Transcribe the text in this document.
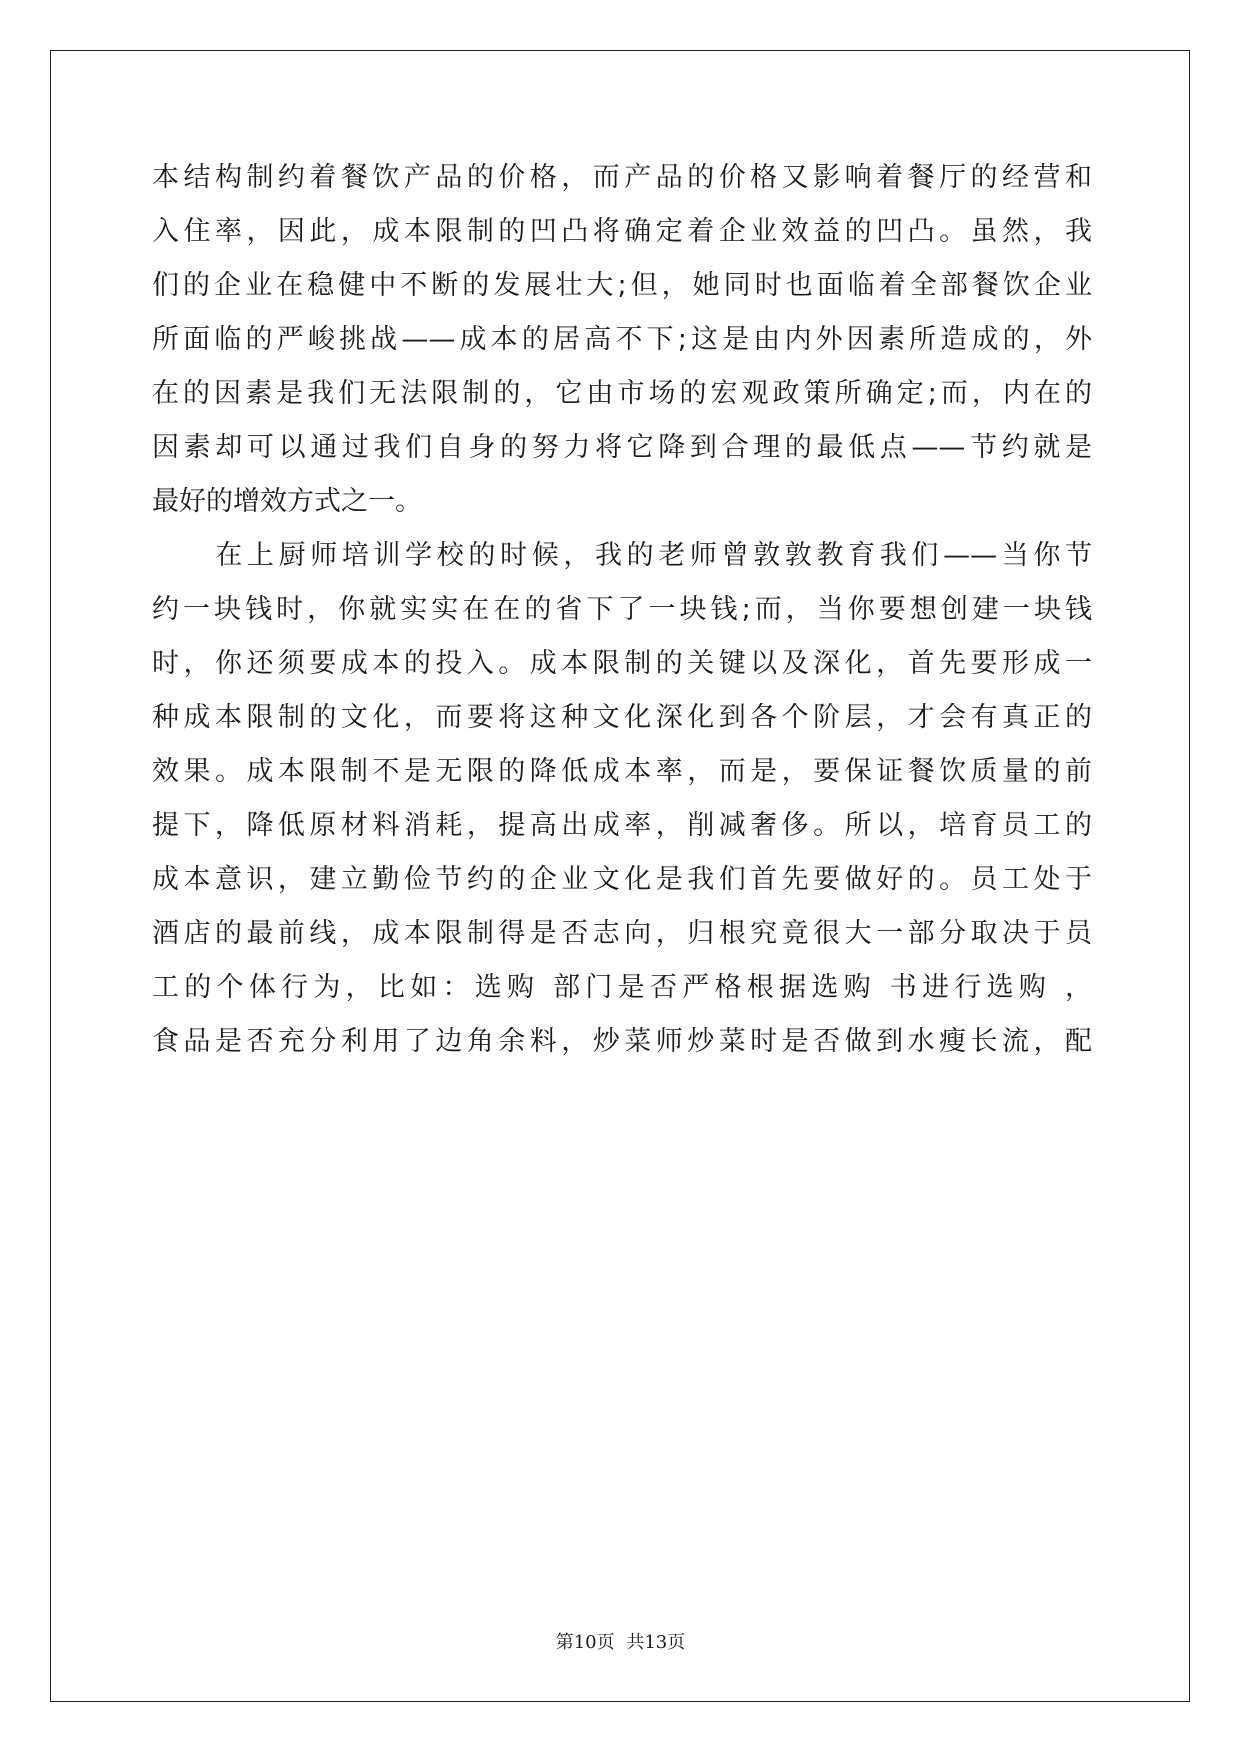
本结构制约着餐饮产品的价格，而产品的价格又影响着餐厅的经营和
入住率，因此，成本限制的凹凸将确定着企业效益的凹凸。虽然，我
们的企业在稳健中不断的发展壮大;但，她同时也面临着全部餐饮企业
所面临的严峻挑战——成本的居高不下;这是由内外因素所造成的，外
在的因素是我们无法限制的，它由市场的宏观政策所确定;而，内在的
因素却可以通过我们自身的努力将它降到合理的最低点——节约就是
最好的增效方式之一。
　　在上厨师培训学校的时候，我的老师曾敦敦教育我们——当你节
约一块钱时，你就实实在在的省下了一块钱;而，当你要想创建一块钱
时，你还须要成本的投入。成本限制的关键以及深化，首先要形成一
种成本限制的文化，而要将这种文化深化到各个阶层，才会有真正的
效果。成本限制不是无限的降低成本率，而是，要保证餐饮质量的前
提下，降低原材料消耗，提高出成率，削减奢侈。所以，培育员工的
成本意识，建立勤俭节约的企业文化是我们首先要做好的。员工处于
酒店的最前线，成本限制得是否志向，归根究竟很大一部分取决于员
工的个体行为，比如：选购 部门是否严格根据选购 书进行选购 ，
食品是否充分利用了边角余料，炒菜师炒菜时是否做到水瘦长流，配
第10页 共13页
